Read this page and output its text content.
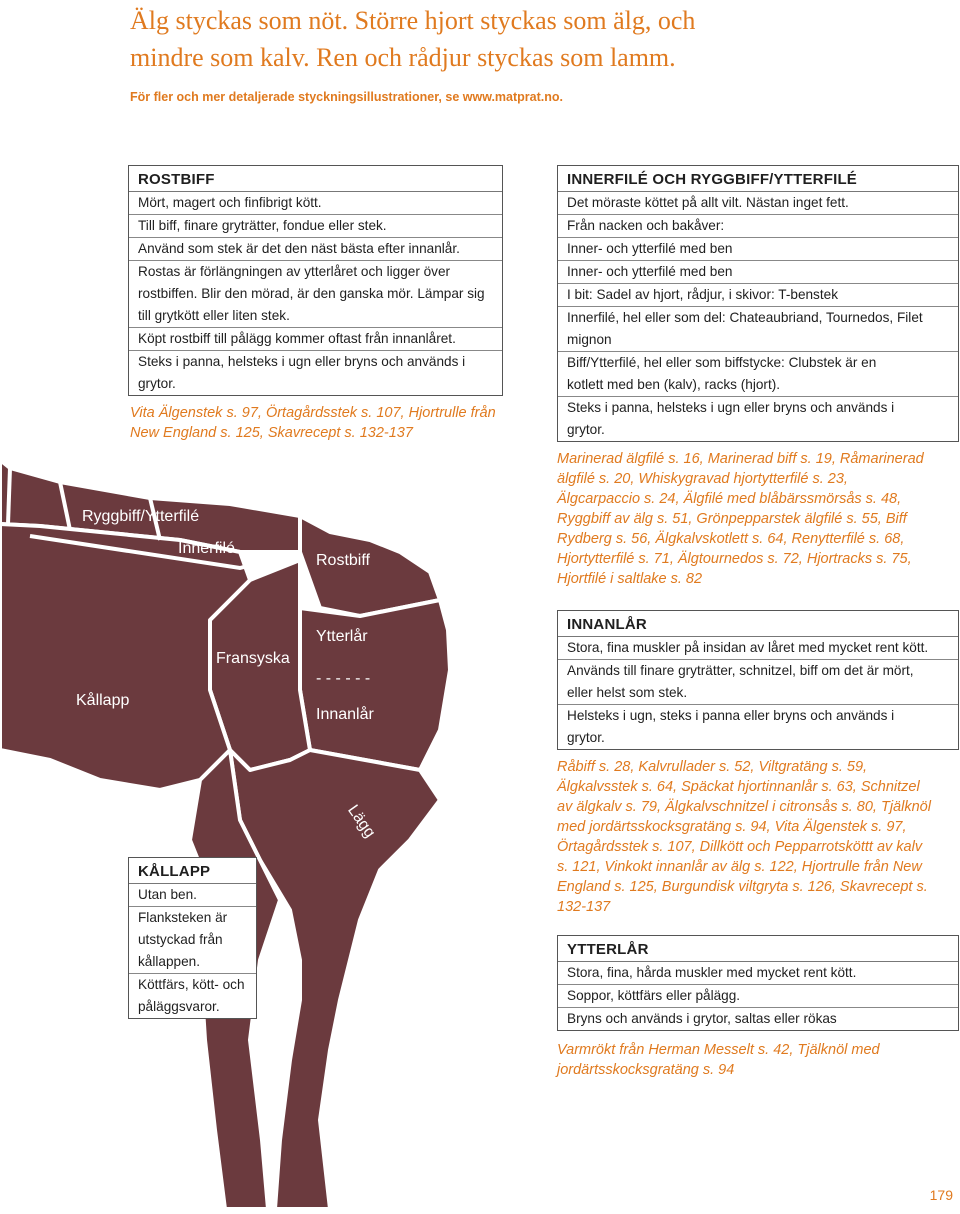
Älg styckas som nöt. Större hjort styckas som älg, och
mindre som kalv. Ren och rådjur styckas som lamm.
För fler och mer detaljerade styckningsillustrationer, se www.matprat.no.
ROSTBIFF
Mört, magert och finfibrigt kött.
Till biff, finare gryträtter, fondue eller stek.
Använd som stek är det den näst bästa efter innanlår.
Rostas är förlängningen av ytterlåret och ligger över
rostbiffen. Blir den mörad, är den ganska mör. Lämpar sig
till grytkött eller liten stek.
Köpt rostbiff till pålägg kommer oftast från innanlåret.
Steks i panna, helsteks i ugn eller bryns och används i
grytor.
Vita Älgenstek s. 97, Örtagårdsstek s. 107, Hjortrulle från
New England s. 125, Skavrecept s. 132-137
INNERFILÉ OCH RYGGBIFF/YTTERFILÉ
Det möraste köttet på allt vilt. Nästan inget fett.
Från nacken och bakåver:
Inner- och ytterfilé med ben
Inner- och ytterfilé med ben
I bit: Sadel av hjort, rådjur, i skivor: T-benstek
Innerfilé, hel eller som del: Chateaubriand, Tournedos, Filet
mignon
Biff/Ytterfilé, hel eller som biffstycke: Clubstek är en
kotlett med ben (kalv), racks (hjort).
Steks i panna, helsteks i ugn eller bryns och används i
grytor.
Marinerad älgfilé s. 16, Marinerad biff s. 19, Råmarinerad
älgfilé s. 20, Whiskygravad hjortytterfilé s. 23,
Älgcarpaccio s. 24, Älgfilé med blåbärssmörsås s. 48,
Ryggbiff av älg s. 51, Grönpepparstek älgfilé s. 55, Biff
Rydberg s. 56, Älgkalvskotlett s. 64, Renytterfilé s. 68,
Hjortytterfilé s. 71, Älgtournedos s. 72, Hjortracks s. 75,
Hjortfilé i saltlake s. 82
INNANLÅR
Stora, fina muskler på insidan av låret med mycket rent kött.
Används till finare gryträtter, schnitzel, biff om det är mört,
eller helst som stek.
Helsteks i ugn, steks i panna eller bryns och används i
grytor.
Råbiff s. 28, Kalvrullader s. 52, Viltgratäng s. 59,
Älgkalvsstek s. 64, Späckat hjortinnanlår s. 63, Schnitzel
av älgkalv s. 79, Älgkalvschnitzel i citronsås s. 80, Tjälknöl
med jordärtsskocksgratäng s. 94, Vita Älgenstek s. 97,
Örtagårdsstek s. 107, Dillkött och Pepparrotsköttt av kalv
s. 121, Vinkokt innanlår av älg s. 122, Hjortrulle från New
England s. 125, Burgundisk viltgryta s. 126, Skavrecept s.
132-137
YTTERLÅR
Stora, fina, hårda muskler med mycket rent kött.
Soppor, köttfärs eller pålägg.
Bryns och används i grytor, saltas eller rökas
Varmrökt från Herman Messelt s. 42, Tjälknöl med
jordärtsskocksgratäng s. 94
Ryggbiff/Ytterfilé
Innerfilé
Rostbiff
Ytterlår
- - - - - -
Fransyska
Innanlår
Kållapp
Lägg
KÅLLAPP
Utan ben.
Flanksteken är
utstyckad från
kållappen.
Köttfärs, kött- och
påläggsvaror.
179
